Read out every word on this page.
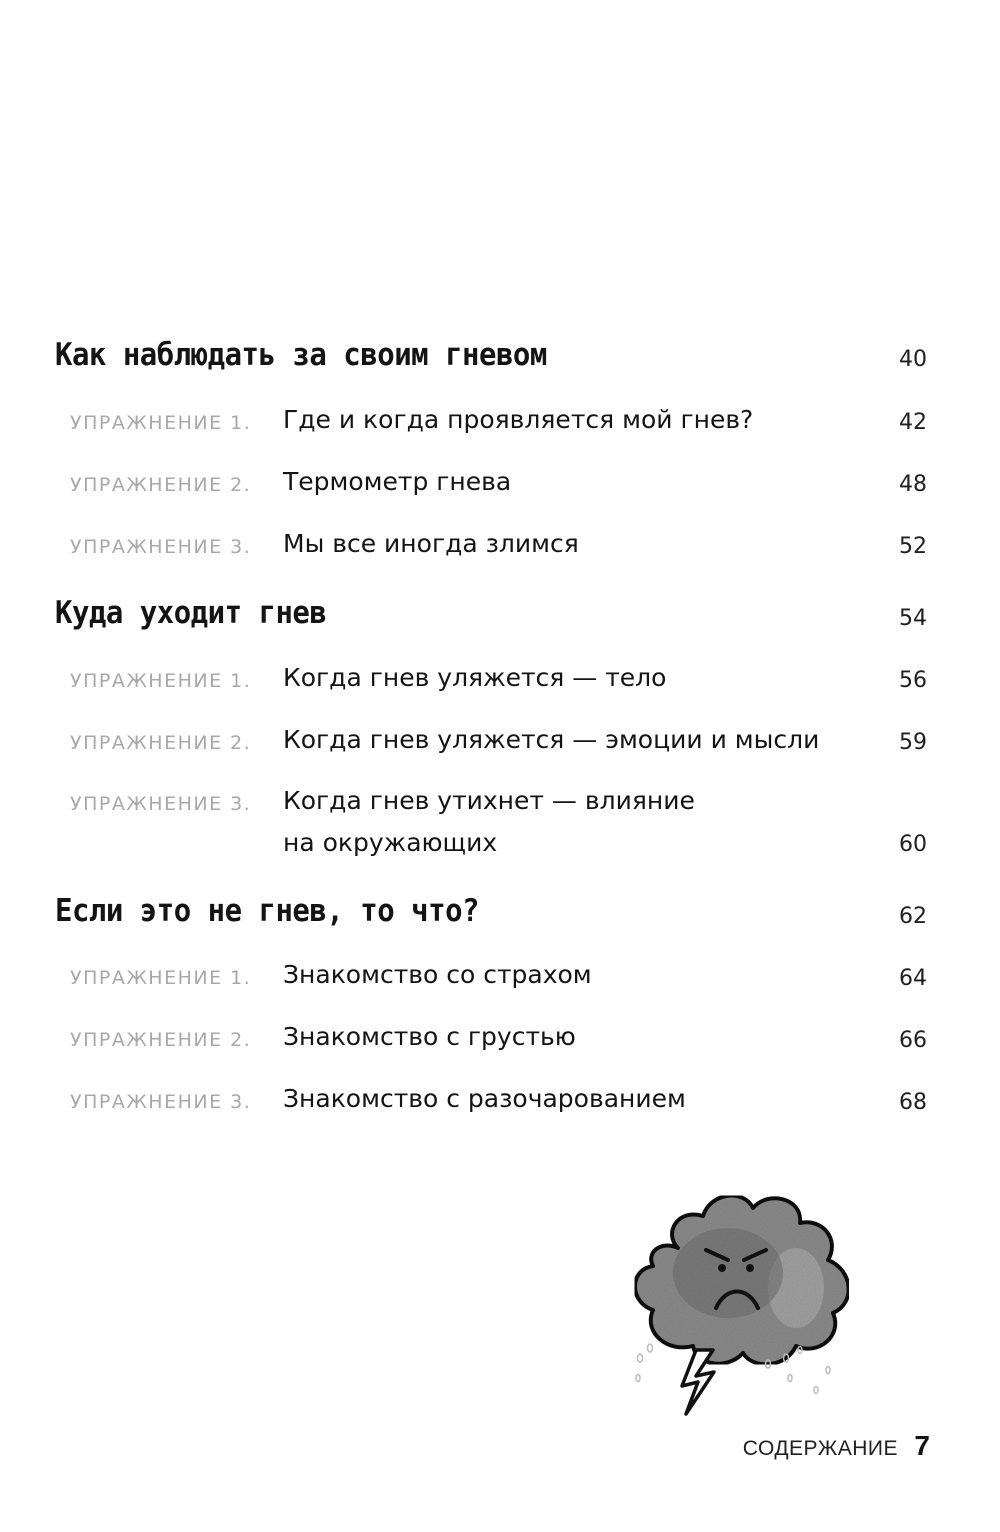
Как наблюдать за своим гневом	40
УПРАЖНЕНИЕ 1. Где и когда проявляется мой гнев?	42
УПРАЖНЕНИЕ 2. Термометр гнева	48
УПРАЖНЕНИЕ 3. Мы все иногда злимся	52
Куда уходит гнев	54
УПРАЖНЕНИЕ 1. Когда гнев уляжется — тело	56
УПРАЖНЕНИЕ 2. Когда гнев уляжется — эмоции и мысли	59
УПРАЖНЕНИЕ 3. Когда гнев утихнет — влияние на окружающих	60
Если это не гнев, то что?	62
УПРАЖНЕНИЕ 1. Знакомство со страхом	64
УПРАЖНЕНИЕ 2. Знакомство с грустью	66
УПРАЖНЕНИЕ 3. Знакомство с разочарованием	68
СОДЕРЖАНИЕ 7
